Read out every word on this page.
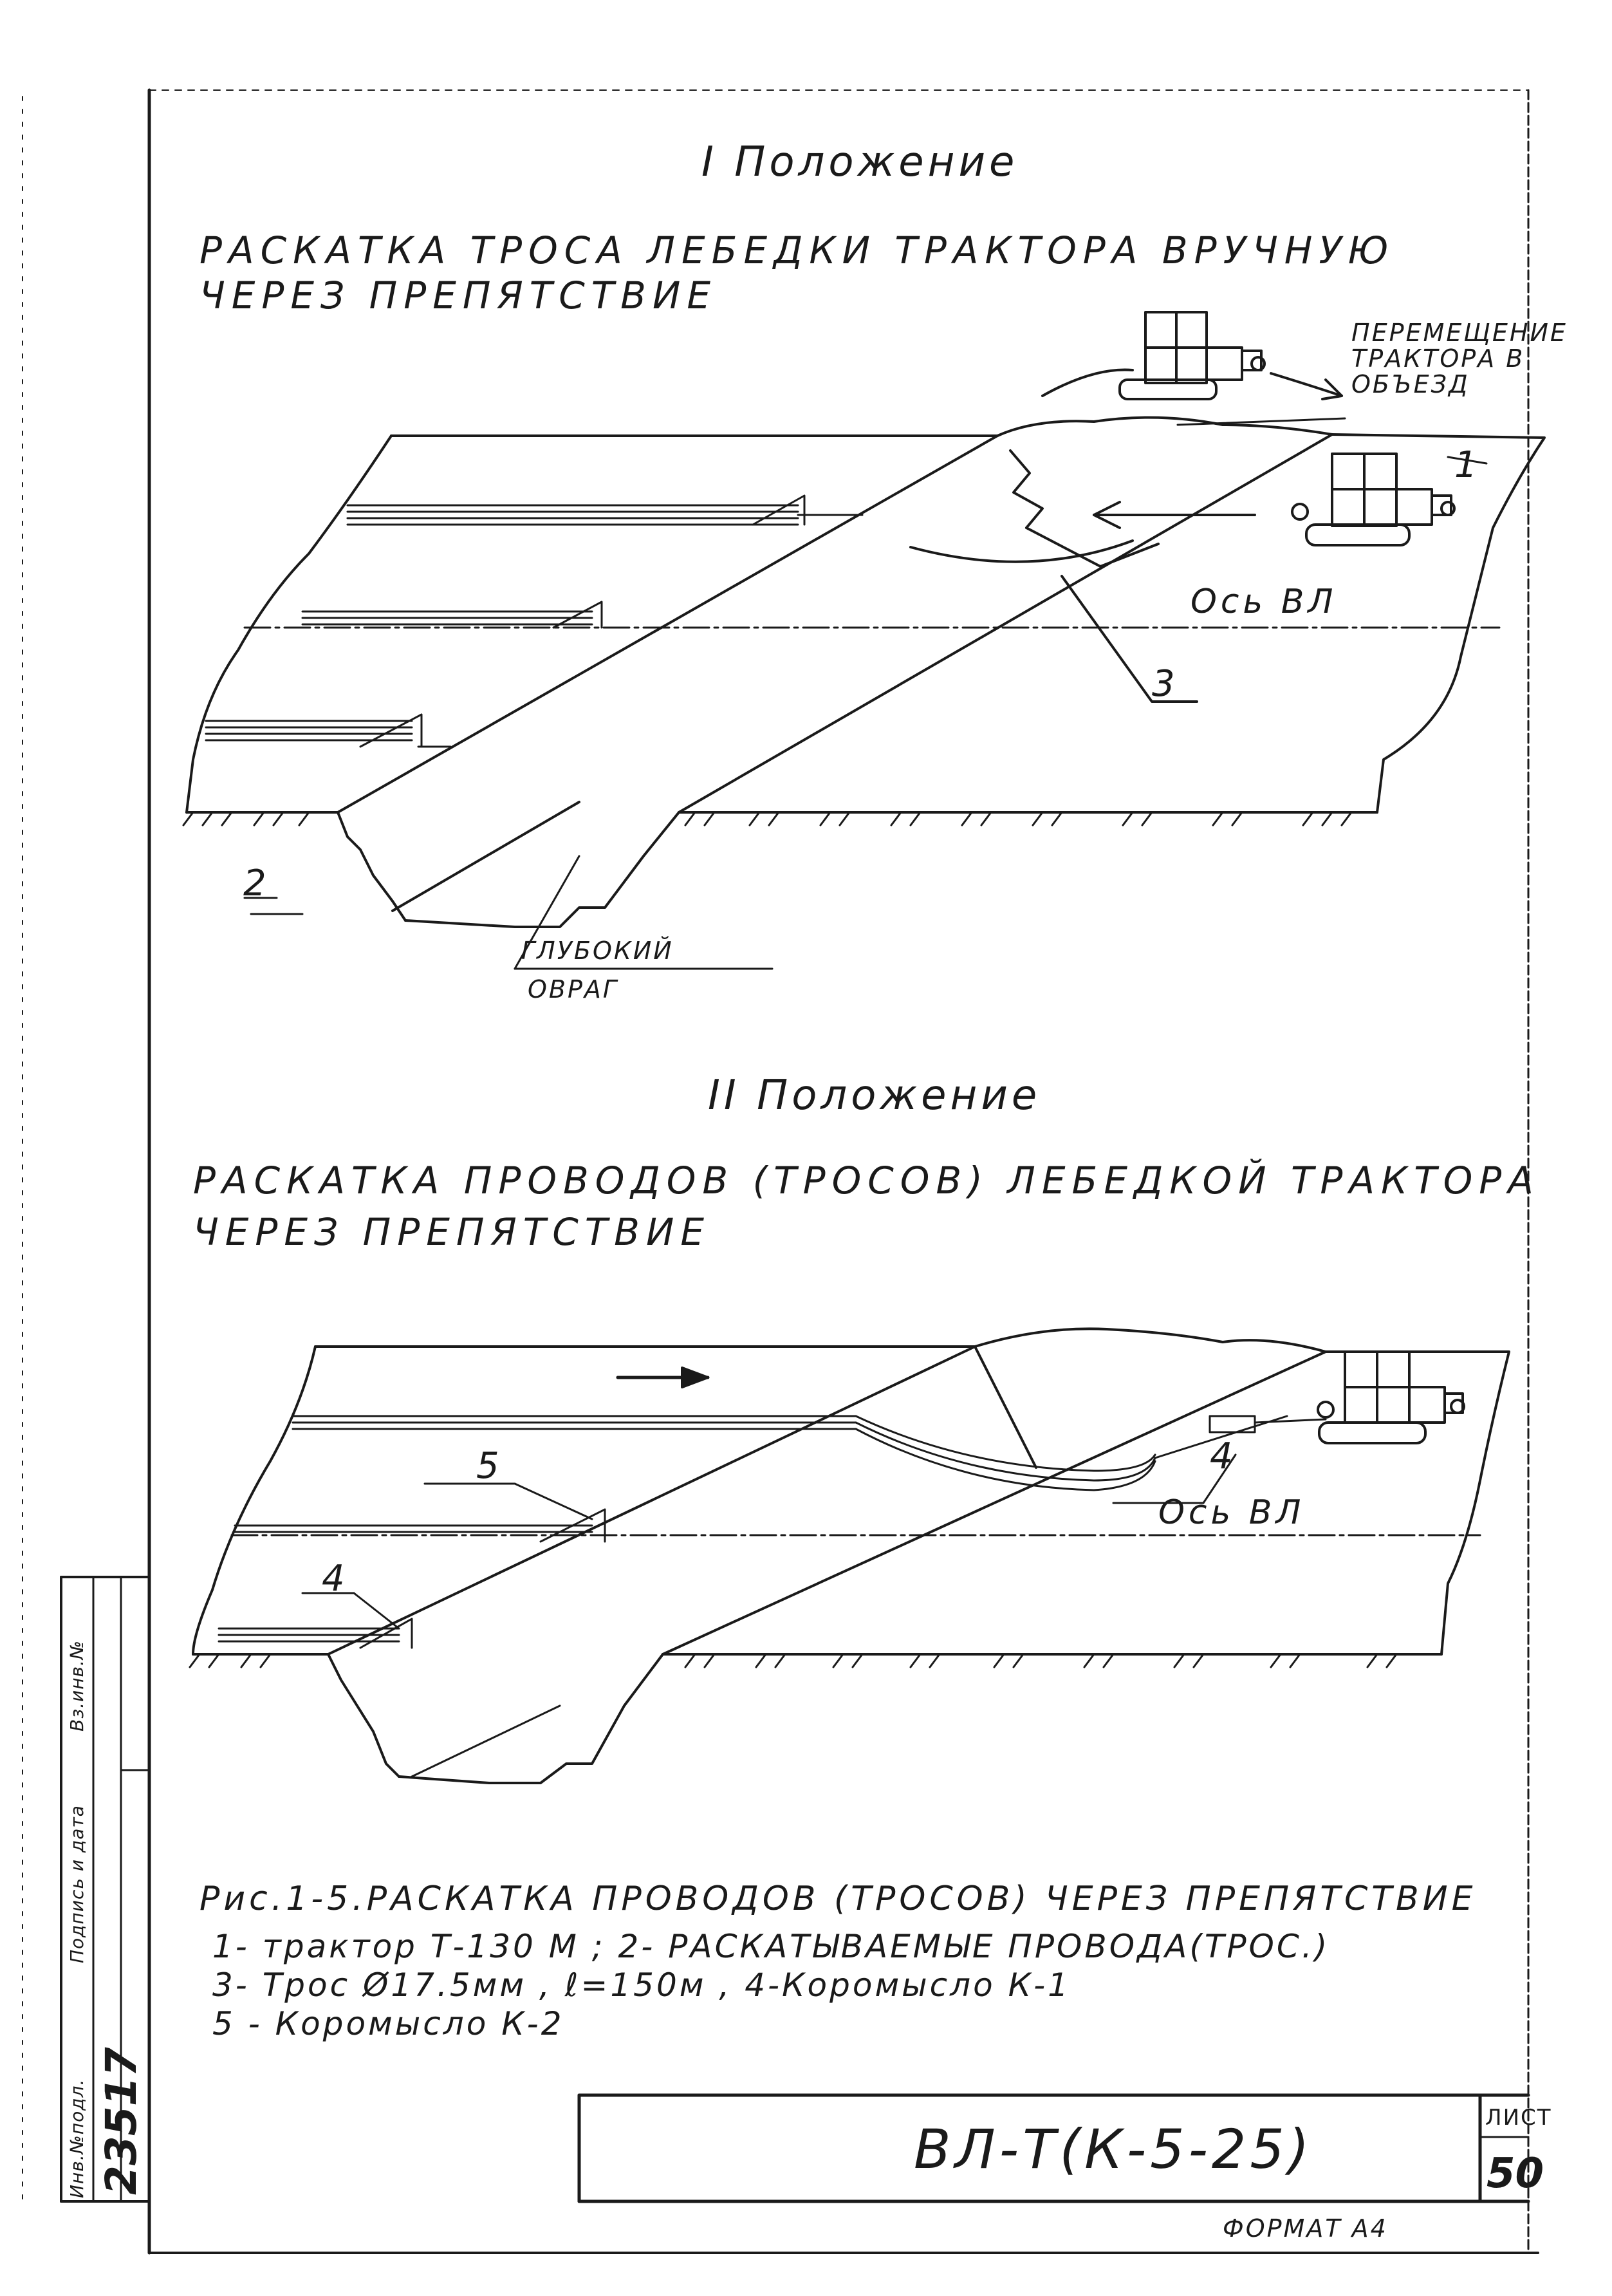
I Положение
РАСКАТКА ТРОСА ЛЕБЕДКИ ТРАКТОРА ВРУЧНУЮ
ЧЕРЕЗ ПРЕПЯТСТВИЕ
ПЕРЕМЕЩЕНИЕ
ТРАКТОРА В
ОБЪЕЗД
1
Ось ВЛ
3
2
ГЛУБОКИЙ
ОВРАГ
II Положение
РАСКАТКА ПРОВОДОВ (ТРОСОВ) ЛЕБЕДКОЙ ТРАКТОРА
ЧЕРЕЗ ПРЕПЯТСТВИЕ
4
5
Ось ВЛ
4
Рис.1-5.РАСКАТКА ПРОВОДОВ (ТРОСОВ) ЧЕРЕЗ ПРЕПЯТСТВИЕ
1- трактор Т-130 М ; 2- РАСКАТЫВАЕМЫЕ ПРОВОДА(ТРОС.)
3- Трос Ø17.5мм , ℓ=150м , 4-Коромысло К-1
5 - Коромысло К-2
ВЛ-Т(К-5-25)	ЛИСТ
50
ФОРМАТ А4
Инв.№подл.
Подпись и дата
Вз.инв.№
23517
